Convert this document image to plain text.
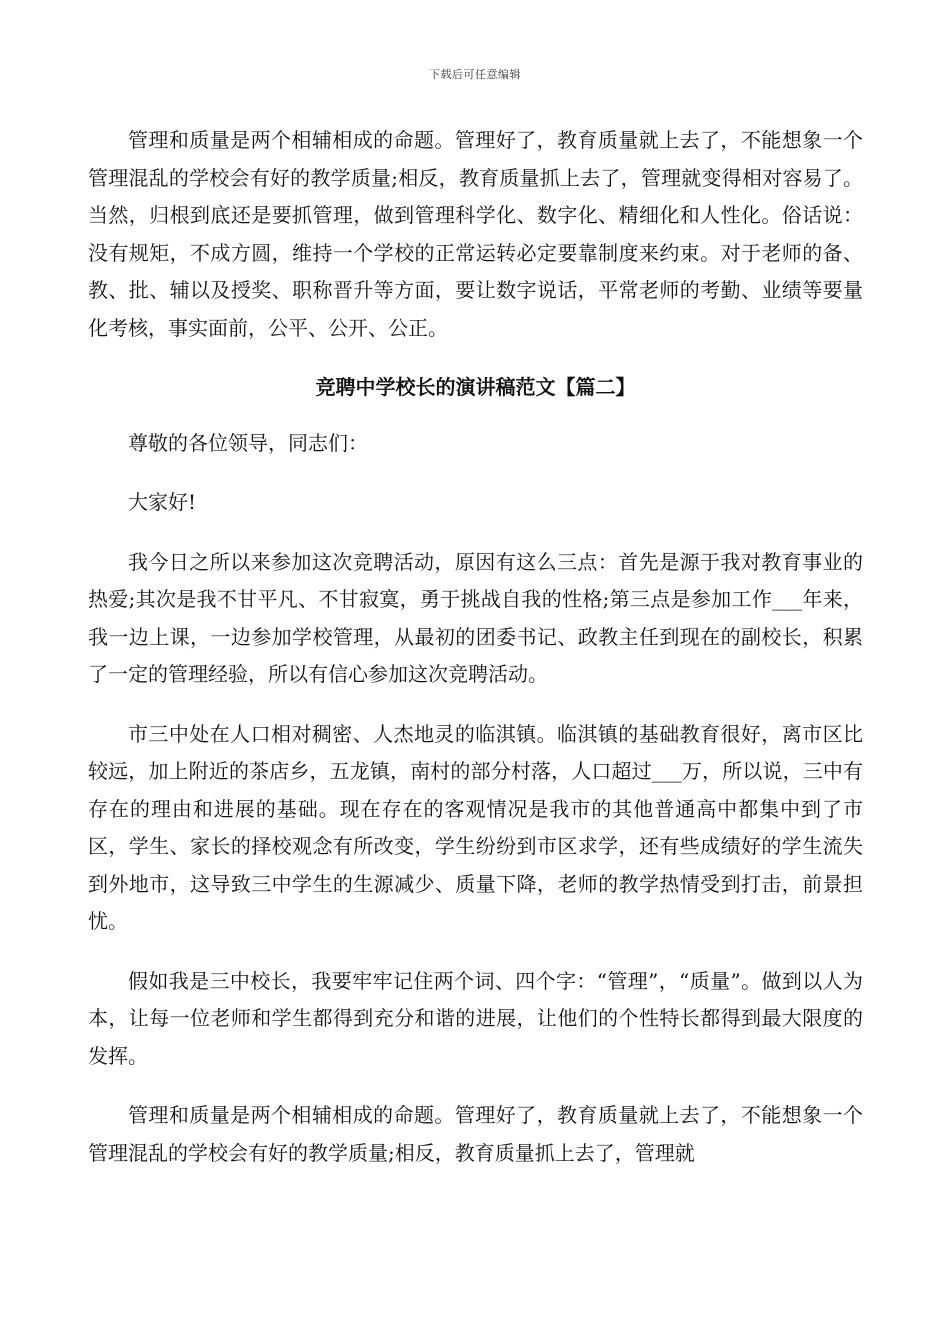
下载后可任意编辑

管理和质量是两个相辅相成的命题。管理好了，教育质量就上去了，不能想象一个管理混乱的学校会有好的教学质量;相反，教育质量抓上去了，管理就变得相对容易了。当然，归根到底还是要抓管理，做到管理科学化、数字化、精细化和人性化。俗话说：没有规矩，不成方圆，维持一个学校的正常运转必定要靠制度来约束。对于老师的备、教、批、辅以及授奖、职称晋升等方面，要让数字说话，平常老师的考勤、业绩等要量化考核，事实面前，公平、公开、公正。

竞聘中学校长的演讲稿范文【篇二】

尊敬的各位领导，同志们：

大家好!

我今日之所以来参加这次竞聘活动，原因有这么三点：首先是源于我对教育事业的热爱;其次是我不甘平凡、不甘寂寞，勇于挑战自我的性格;第三点是参加工作___年来，我一边上课，一边参加学校管理，从最初的团委书记、政教主任到现在的副校长，积累了一定的管理经验，所以有信心参加这次竞聘活动。

市三中处在人口相对稠密、人杰地灵的临淇镇。临淇镇的基础教育很好，离市区比较远，加上附近的茶店乡，五龙镇，南村的部分村落，人口超过___万，所以说，三中有存在的理由和进展的基础。现在存在的客观情况是我市的其他普通高中都集中到了市区，学生、家长的择校观念有所改变，学生纷纷到市区求学，还有些成绩好的学生流失到外地市，这导致三中学生的生源减少、质量下降，老师的教学热情受到打击，前景担忧。

假如我是三中校长，我要牢牢记住两个词、四个字：“管理”，“质量”。做到以人为本，让每一位老师和学生都得到充分和谐的进展，让他们的个性特长都得到最大限度的发挥。

管理和质量是两个相辅相成的命题。管理好了，教育质量就上去了，不能想象一个管理混乱的学校会有好的教学质量;相反，教育质量抓上去了，管理就
